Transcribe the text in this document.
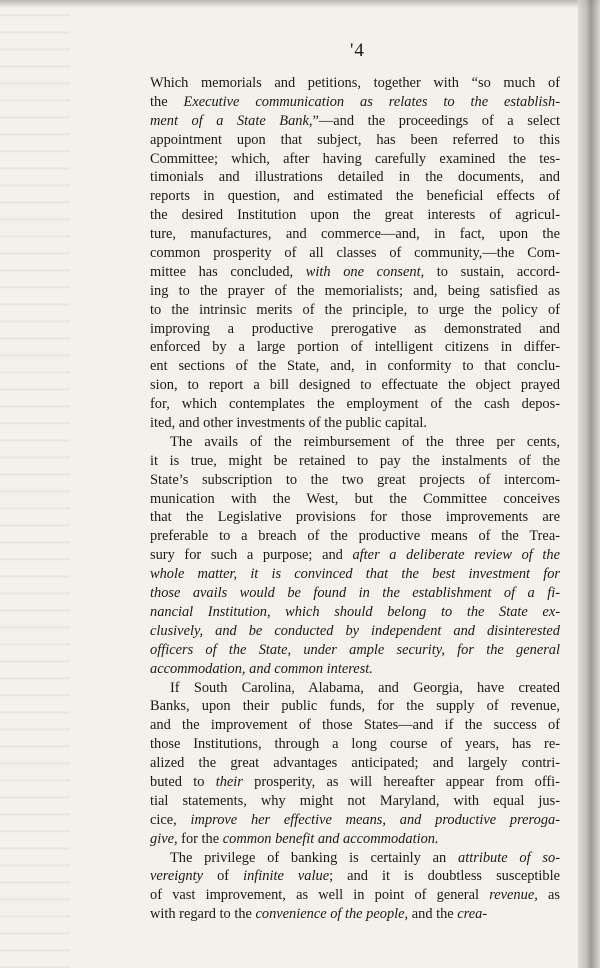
'4
Which memorials and petitions, together with “so much of
the Executive communication as relates to the establish-
ment of a State Bank,”—and the proceedings of a select
appointment upon that subject, has been referred to this
Committee; which, after having carefully examined the tes-
timonials and illustrations detailed in the documents, and
reports in question, and estimated the beneficial effects of
the desired Institution upon the great interests of agricul-
ture, manufactures, and commerce—and, in fact, upon the
common prosperity of all classes of community,—the Com-
mittee has concluded, with one consent, to sustain, accord-
ing to the prayer of the memorialists; and, being satisfied as
to the intrinsic merits of the principle, to urge the policy of
improving a productive prerogative as demonstrated and
enforced by a large portion of intelligent citizens in differ-
ent sections of the State, and, in conformity to that conclu-
sion, to report a bill designed to effectuate the object prayed
for, which contemplates the employment of the cash depos-
ited, and other investments of the public capital.
The avails of the reimbursement of the three per cents,
it is true, might be retained to pay the instalments of the
State’s subscription to the two great projects of intercom-
munication with the West, but the Committee conceives
that the Legislative provisions for those improvements are
preferable to a breach of the productive means of the Trea-
sury for such a purpose; and after a deliberate review of the
whole matter, it is convinced that the best investment for
those avails would be found in the establishment of a fi-
nancial Institution, which should belong to the State ex-
clusively, and be conducted by independent and disinterested
officers of the State, under ample security, for the general
accommodation, and common interest.
If South Carolina, Alabama, and Georgia, have created
Banks, upon their public funds, for the supply of revenue,
and the improvement of those States—and if the success of
those Institutions, through a long course of years, has re-
alized the great advantages anticipated; and largely contri-
buted to their prosperity, as will hereafter appear from offi-
tial statements, why might not Maryland, with equal jus-
cice, improve her effective means, and productive preroga-
give, for the common benefit and accommodation.
The privilege of banking is certainly an attribute of so-
vereignty of infinite value; and it is doubtless susceptible
of vast improvement, as well in point of general revenue, as
with regard to the convenience of the people, and the crea-
